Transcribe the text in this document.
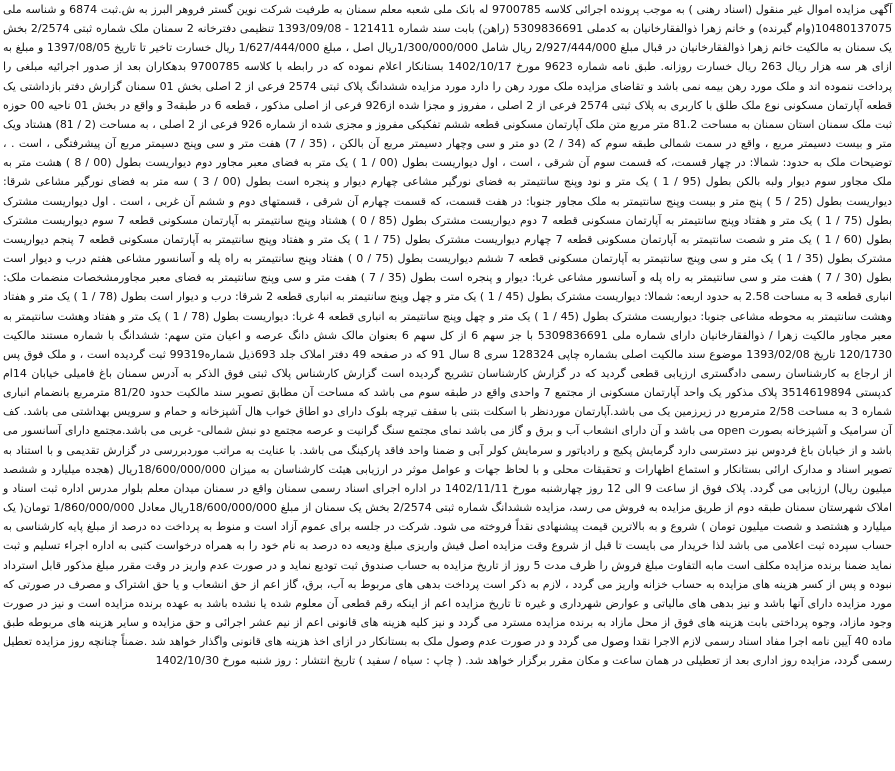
آگهی مزایده اموال غیر منقول (اسناد رهنی ) به موجب پرونده اجرائی کلاسه 9700785 له بانک ملی شعبه معلم سمنان به طرفیت شرکت نوین گستر فروهر البرز به ش.ثبت 6874 و شناسه ملی 10480137075(وام گیرنده) و خانم زهرا ذوالفقارخانیان به کدملی 5309836691 (راهن) بابت سند شماره 121411 - 1393/09/08 تنظیمی دفترخانه 2 سمنان ملک شماره ثبتی 2/2574 بخش یک سمنان به مالکیت خانم زهرا ذوالفقارخانیان در قبال مبلغ 2/927/444/000 ریال شامل 1/300/000/000ریال اصل ، مبلغ 1/627/444/000 ریال خسارت تاخیر تا تاریخ 1397/08/05 و مبلغ به ازای هر سه هزار ریال 263 ریال خسارت روزانه. طبق نامه شماره 9623 مورخ 1402/10/17 بستانکار اعلام نموده که در رابطه با کلاسه 9700785 بدهکاران بعد از صدور اجرائیه مبلغی را پرداخت ننموده اند و ملک مورد رهن بیمه نمی باشد و تقاضای مزایده ملک مورد رهن را دارد مورد مزایده ششدانگ پلاک ثبتی 2574 فرعی از 2 اصلی بخش 01 سمنان گزارش دفتر بازداشتی یک قطعه آپارتمان مسکونی نوع ملک طلق با کاربری به پلاک ثبتی 2574 فرعی از 2 اصلی ، مفروز و مجزا شده از926 فرعی از اصلی مذکور ، قطعه 6 در طبقه3 و واقع در بخش 01 ناحیه 00 حوزه ثبت ملک سمنان استان سمنان به مساحت 81.2 متر مربع متن ملک آپارتمان مسکونی قطعه ششم تفکیکی مفروز و مجزی شده از شماره 926 فرعی از 2 اصلی ، به مساحت (2 / 81) هشتاد ویک متر و بیست دسیمتر مربع ، واقع در سمت شمالی طبقه سوم که (34 / 2) دو متر و سی وچهار دسیمتر مربع آن بالکن ، (35 / 7) هفت متر و سی وپنج دسیمتر مربع آن پیشرفتگی ، است . ، توضیحات ملک به حدود: شمالا: در چهار قسمت، که قسمت سوم آن شرقی ، است ، اول دیواریست بطول (00 / 1 ) یک متر به فضای معبر مجاور دوم دیواریست بطول (00 / 8 ) هشت متر به ملک مجاور سوم دیوار ولبه بالکن بطول (95 / 1 ) یک متر و نود وپنج سانتیمتر به فضای نورگیر مشاعی چهارم دیوار و پنجره است بطول (00 / 3 ) سه متر به فضای نورگیر مشاعی شرقا: دیواریست بطول (25 / 5 ) پنج متر و بیست وپنج سانتیمتر به ملک مجاور جنوبا: در هفت قسمت، که قسمت چهارم آن شرقی ، قسمتهای دوم و ششم آن غربی ، است . اول دیواریست مشترک بطول (75 / 1 ) یک متر و هفتاد وپنج سانتیمتر به آپارتمان مسکونی قطعه 7 دوم دیواریست مشترک بطول (85 / 0 ) هشتاد وپنج سانتیمتر به آپارتمان مسکونی قطعه 7 سوم دیواریست مشترک بطول (60 / 1 ) یک متر و شصت سانتیمتر به آپارتمان مسکونی قطعه 7 چهارم دیواریست مشترک بطول (75 / 1 ) یک متر و هفتاد وپنج سانتیمتر به آپارتمان مسکونی قطعه 7 پنجم دیواریست مشترک بطول (35 / 1 ) یک متر و سی وپنج سانتیمتر به آپارتمان مسکونی قطعه 7 ششم دیواریست بطول (75 / 0 ) هفتاد وپنج سانتیمتر به راه پله و آسانسور مشاعی هفتم درب و دیوار است بطول (30 / 7 ) هفت متر و سی سانتیمتر به راه پله و آسانسور مشاعی غربا: دیوار و پنجره است بطول (35 / 7 ) هفت متر و سی وپنج سانتیمتر به فضای معبر مجاورمشخصات منضمات ملک: انباری قطعه 3 به مساحت 2.58 به حدود اربعه: شمالا: دیواریست مشترک بطول (45 / 1 ) یک متر و چهل وپنج سانتیمتر به انباری قطعه 2 شرقا: درب و دیوار است بطول (78 / 1 ) یک متر و هفتاد وهشت سانتیمتر به محوطه مشاعی جنوبا: دیواریست مشترک بطول (45 / 1 ) یک متر و چهل وپنج سانتیمتر به انباری قطعه 4 غربا: دیواریست بطول (78 / 1 ) یک متر و هفتاد وهشت سانتیمتر به معبر مجاور مالکیت زهرا / ذوالفقارخانیان دارای شماره ملی 5309836691 با جز سهم 6 از کل سهم 6 بعنوان مالک شش دانگ عرصه و اعیان متن سهم: ششدانگ با شماره مستند مالکیت 120/1730 تاریخ 1393/02/08 موضوع سند مالکیت اصلی بشماره چاپی 128324 سری 8 سال 91 که در صفحه 49 دفتر املاک جلد 693ذیل شماره99319 ثبت گردیده است ، و ملک فوق پس از ارجاع به کارشناسان رسمی دادگستری ارزیابی قطعی گردید که در گزارش کارشناسان تشریح گردیده است گزارش کارشناس پلاک ثبتی فوق الذکر به آدرس سمنان باغ فامیلی خیابان 14ام کدپستی 3514619894 پلاک مذکور یک واحد آپارتمان مسکونی از مجتمع 7 واحدی واقع در طبقه سوم می باشد که مساحت آن مطابق تصویر سند مالکیت حدود 81/20 مترمربع بانضمام انباری شماره 3 به مساحت 2/58 مترمربع در زیرزمین یک می باشد.آپارتمان موردنظر با اسکلت بتنی با سقف تیرچه بلوک دارای دو اطاق خواب هال آشپزخانه و حمام و سرویس بهداشتی می باشد. کف آن سرامیک و آشپزخانه بصورت open می باشد و آن دارای انشعاب آب و برق و گاز می باشد نمای مجتمع سنگ گرانیت و عرصه مجتمع دو نبش شمالی- غربی می باشد.مجتمع دارای آسانسور می باشد و از خیابان باغ فردوس نیز دسترسی دارد گرمایش پکیج و رادیاتور و سرمایش کولر آبی و ضمنا واحد فاقد پارکینگ می باشد. با عنایت به مراتب موردبررسی در گزارش تقدیمی و با استناد به تصویر اسناد و مدارک ارائی بستانکار و استماع اظهارات و تحقیقات محلی و با لحاظ جهات و عوامل موثر در ارزیابی هیئت کارشناسان به میزان 18/600/000/000ریال (هجده میلیارد و ششصد میلیون ریال) ارزیابی می گردد. پلاک فوق از ساعت 9 الی 12 روز چهارشنبه مورخ 1402/11/11 در اداره اجرای اسناد رسمی سمنان واقع در سمنان میدان معلم بلوار مدرس اداره ثبت اسناد و املاک شهرستان سمنان طبقه دوم از طریق مزایده به فروش می رسد، مزایده ششدانگ شماره ثبتی 2/2574 بخش یک سمنان از مبلغ 18/600/000/000ریال معادل 1/860/000/000 تومان( یک میلیارد و هشتصد و شصت میلیون تومان ) شروع و به بالاترین قیمت پیشنهادی نقداً فروخته می شود. شرکت در جلسه برای عموم آزاد است و منوط به پرداخت ده درصد از مبلغ پایه کارشناسی به حساب سپرده ثبت اعلامی می باشد لذا خریدار می بایست تا قبل از شروع وقت مزایده اصل فیش واریزی مبلغ ودیعه ده درصد به نام خود را به همراه درخواست کتبی به اداره اجراء تسلیم و ثبت نماید ضمنا برنده مزایده مکلف است مابه التفاوت مبلغ فروش را ظرف مدت 5 روز از تاریخ مزایده به حساب صندوق ثبت تودیع نماید و در صورت عدم واریز در وقت مقرر مبلغ مذکور قابل استرداد نبوده و پس از کسر هزینه های مزایده به حساب خزانه واریز می گردد ، لازم به ذکر است پرداخت بدهی های مربوط به آب، برق، گاز اعم از حق انشعاب و یا حق اشتراک و مصرف در صورتی که مورد مزایده دارای آنها باشد و نیز بدهی های مالیاتی و عوارض شهرداری و غیره تا تاریخ مزایده اعم از اینکه رقم قطعی آن معلوم شده یا نشده باشد به عهده برنده مزایده است و نیز در صورت وجود مازاد، وجوه پرداختی بابت هزینه های فوق از محل مازاد به برنده مزایده مسترد می گردد و نیز کلیه هزینه های قانونی اعم از نیم عشر اجرائی و حق مزایده و سایر هزینه های مربوطه طبق ماده 40 آیین نامه اجرا مفاد اسناد رسمی لازم الاجرا نقدا وصول می گردد و در صورت عدم وصول ملک به بستانکار در ازای اخذ هزینه های قانونی واگذار خواهد شد .ضمناً چنانچه روز مزایده تعطیل رسمی گردد، مزایده روز اداری بعد از تعطیلی در همان ساعت و مکان مقرر برگزار خواهد شد. ( چاپ : سیاه / سفید ) تاریخ انتشار : روز شنبه مورخ 1402/10/30
